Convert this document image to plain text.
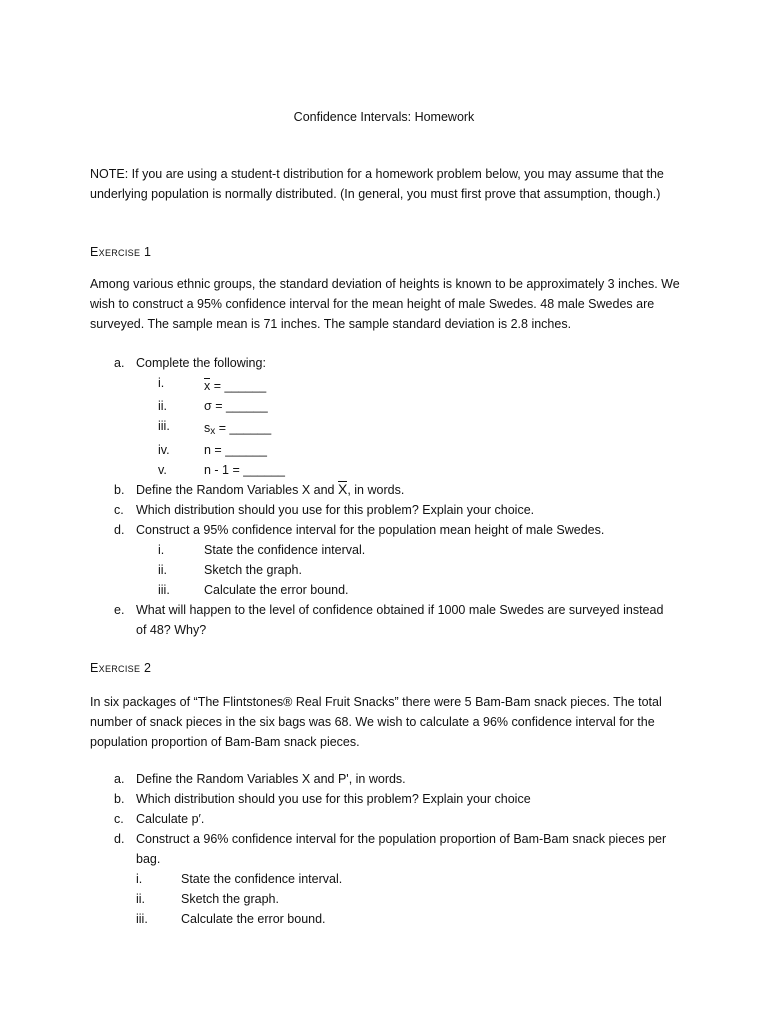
Confidence Intervals: Homework
NOTE: If you are using a student-t distribution for a homework problem below, you may assume that the underlying population is normally distributed. (In general, you must first prove that assumption, though.)
Exercise 1
Among various ethnic groups, the standard deviation of heights is known to be approximately 3 inches. We wish to construct a 95% confidence interval for the mean height of male Swedes. 48 male Swedes are surveyed. The sample mean is 71 inches. The sample standard deviation is 2.8 inches.
a. Complete the following:
i.	x = ______
ii.	σ = ______
iii.	$s_x$ = ______
iv.	n = ______
v.	n - 1 = ______
b. Define the Random Variables X and X, in words.
c. Which distribution should you use for this problem? Explain your choice.
d. Construct a 95% confidence interval for the population mean height of male Swedes.
i.	State the confidence interval.
ii.	Sketch the graph.
iii.	Calculate the error bound.
e. What will happen to the level of confidence obtained if 1000 male Swedes are surveyed instead
of 48? Why?
Exercise 2
In six packages of “The Flintstones® Real Fruit Snacks” there were 5 Bam-Bam snack pieces. The total number of snack pieces in the six bags was 68. We wish to calculate a 96% confidence interval for the population proportion of Bam-Bam snack pieces.
a. Define the Random Variables X and P', in words.
b. Which distribution should you use for this problem? Explain your choice
c. Calculate p′.
d. Construct a 96% confidence interval for the population proportion of Bam-Bam snack pieces per
bag.
i.	State the confidence interval.
ii.	Sketch the graph.
iii.	Calculate the error bound.
